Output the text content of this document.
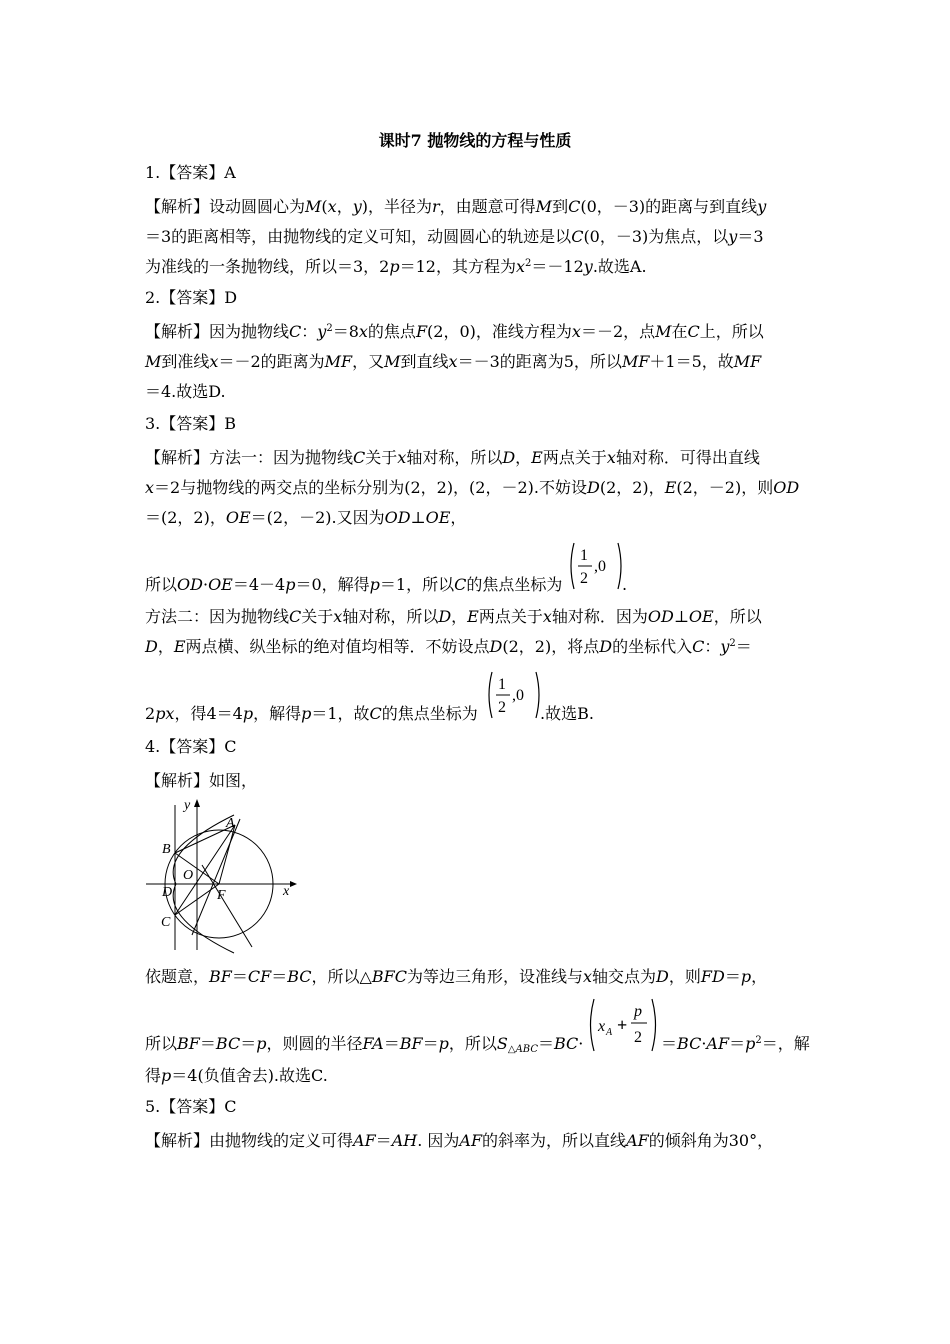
课时7 抛物线的方程与性质
1.【答案】A
【解析】设动圆圆心为M(x，y)，半径为r，由题意可得M到C(0，－3)的距离与到直线y
＝3的距离相等，由抛物线的定义可知，动圆圆心的轨迹是以C(0，－3)为焦点，以y＝3
为准线的一条抛物线，所以＝3，2p＝12，其方程为$x^2=-12y$.故选A.
2.【答案】D
【解析】因为抛物线C：$y^2=8x$的焦点F(2，0)，准线方程为x＝－2，点M在C上，所以
M到准线x＝－2的距离为MF，又M到直线x＝－3的距离为5，所以MF＋1＝5，故MF
＝4.故选D.
3.【答案】B
【解析】方法一：因为抛物线C关于x轴对称，所以D，E两点关于x轴对称．可得出直线
x＝2与抛物线的两交点的坐标分别为(2，2)，(2，－2).不妨设D(2，2)，E(2，－2)，则OD
＝(2，2)，OE＝(2，－2).又因为OD⊥OE，
所以OD·OE＝4－4p＝0，解得p＝1，所以C的焦点坐标为
1
2
,0
.
方法二：因为抛物线C关于x轴对称，所以D，E两点关于x轴对称．因为OD⊥OE，所以
D，E两点横、纵坐标的绝对值均相等．不妨设点D(2，2)，将点D的坐标代入C：$y^2=$
2px，得4＝4p，解得p＝1，故C的焦点坐标为
1
2
,0
.故选B.
4.【答案】C
【解析】如图，
y
A
B
O
D	F	x
C
依题意，BF＝CF＝BC，所以△BFC为等边三角形，设准线与x轴交点为D，则FD＝p，
所以BF＝BC＝p，则圆的半径FA＝BF＝p，所以$S_{\triangle ABC}=BC\cdot$
x A +
p
$2 =BC\cdot AF=p^2=$，解
得p＝4(负值舍去).故选C.
5.【答案】C
【解析】由抛物线的定义可得AF＝AH. 因为AF的斜率为，所以直线AF的倾斜角为30°，
